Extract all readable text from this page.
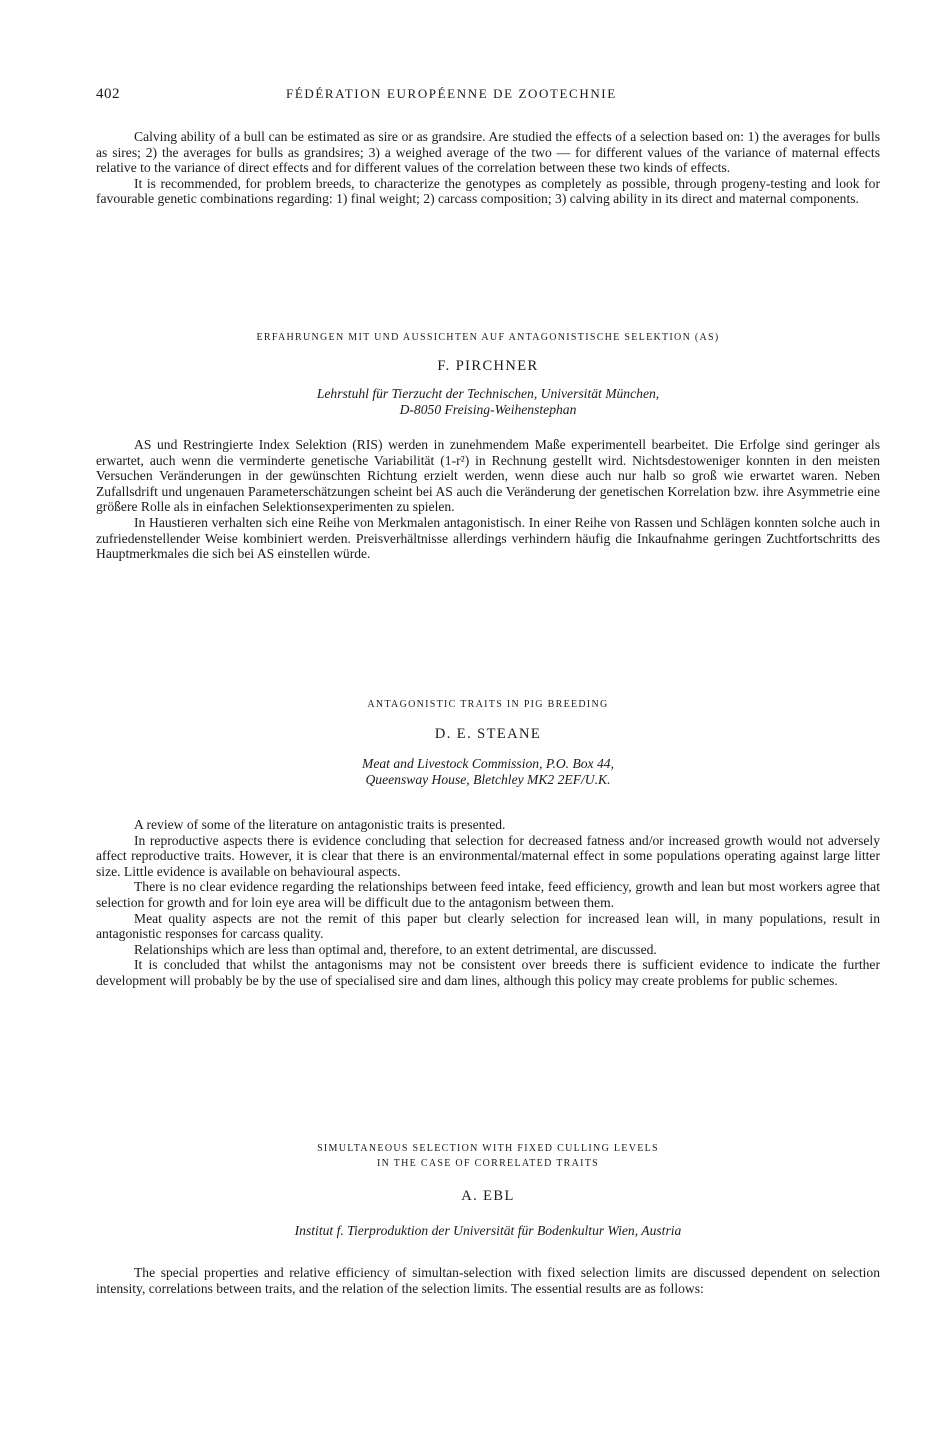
402	FÉDÉRATION EUROPÉENNE DE ZOOTECHNIE

Calving ability of a bull can be estimated as sire or as grandsire. Are studied the effects of a selection based on: 1) the averages for bulls as sires; 2) the averages for bulls as grandsires; 3) a weighed average of the two — for different values of the variance of maternal effects relative to the variance of direct effects and for different values of the correlation between these two kinds of effects.

It is recommended, for problem breeds, to characterize the genotypes as completely as possible, through progeny-testing and look for favourable genetic combinations regarding: 1) final weight; 2) carcass composition; 3) calving ability in its direct and maternal components.

ERFAHRUNGEN MIT UND AUSSICHTEN AUF ANTAGONISTISCHE SELEKTION (AS)
F. PIRCHNER
Lehrstuhl für Tierzucht der Technischen, Universität München,
D-8050 Freising-Weihenstephan

AS und Restringierte Index Selektion (RIS) werden in zunehmendem Maße experimentell bearbeitet. Die Erfolge sind geringer als erwartet, auch wenn die verminderte genetische Variabilität (1-r²) in Rechnung gestellt wird. Nichtsdestoweniger konnten in den meisten Versuchen Veränderungen in der gewünschten Richtung erzielt werden, wenn diese auch nur halb so groß wie erwartet waren. Neben Zufallsdrift und ungenauen Parameterschätzungen scheint bei AS auch die Veränderung der genetischen Korrelation bzw. ihre Asymmetrie eine größere Rolle als in einfachen Selektionsexperimenten zu spielen.

In Haustieren verhalten sich eine Reihe von Merkmalen antagonistisch. In einer Reihe von Rassen und Schlägen konnten solche auch in zufriedenstellender Weise kombiniert werden. Preisverhältnisse allerdings verhindern häufig die Inkaufnahme geringen Zuchtfortschritts des Hauptmerkmales die sich bei AS einstellen würde.

ANTAGONISTIC TRAITS IN PIG BREEDING
D. E. STEANE
Meat and Livestock Commission, P.O. Box 44,
Queensway House, Bletchley MK2 2EF/U.K.

A review of some of the literature on antagonistic traits is presented.

In reproductive aspects there is evidence concluding that selection for decreased fatness and/or increased growth would not adversely affect reproductive traits. However, it is clear that there is an environmental/maternal effect in some populations operating against large litter size. Little evidence is available on behavioural aspects.

There is no clear evidence regarding the relationships between feed intake, feed efficiency, growth and lean but most workers agree that selection for growth and for loin eye area will be difficult due to the antagonism between them.

Meat quality aspects are not the remit of this paper but clearly selection for increased lean will, in many populations, result in antagonistic responses for carcass quality.

Relationships which are less than optimal and, therefore, to an extent detrimental, are discussed.

It is concluded that whilst the antagonisms may not be consistent over breeds there is sufficient evidence to indicate the further development will probably be by the use of specialised sire and dam lines, although this policy may create problems for public schemes.

SIMULTANEOUS SELECTION WITH FIXED CULLING LEVELS
IN THE CASE OF CORRELATED TRAITS
A. EBL
Institut f. Tierproduktion der Universität für Bodenkultur Wien, Austria

The special properties and relative efficiency of simultan-selection with fixed selection limits are discussed dependent on selection intensity, correlations between traits, and the relation of the selection limits. The essential results are as follows:
